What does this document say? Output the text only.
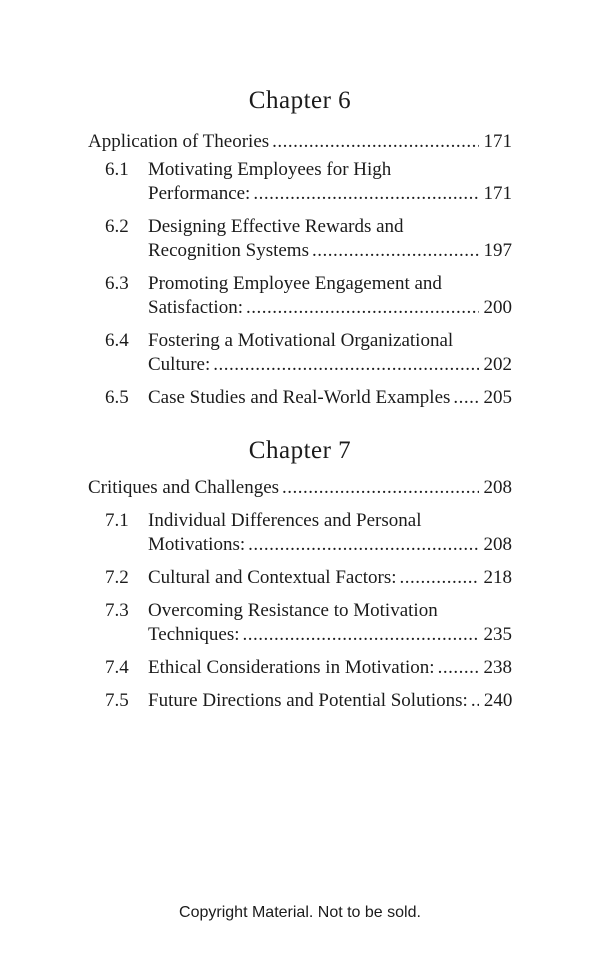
Chapter 6
Application of Theories .....	171
6.1	Motivating Employees for High
Performance: .....	171
6.2	Designing Effective Rewards and
Recognition Systems .....	197
6.3	Promoting Employee Engagement and
Satisfaction: .....	200
6.4	Fostering a Motivational Organizational
Culture: .....	202
6.5	Case Studies and Real-World Examples ..... 205
Chapter 7
Critiques and Challenges .....	208
7.1	Individual Differences and Personal
Motivations: .....	208
7.2	Cultural and Contextual Factors: .....	218
7.3	Overcoming Resistance to Motivation
Techniques: .....	235
7.4	Ethical Considerations in Motivation: .....	238
7.5	Future Directions and Potential Solutions: ..... 240
Copyright Material. Not to be sold.
